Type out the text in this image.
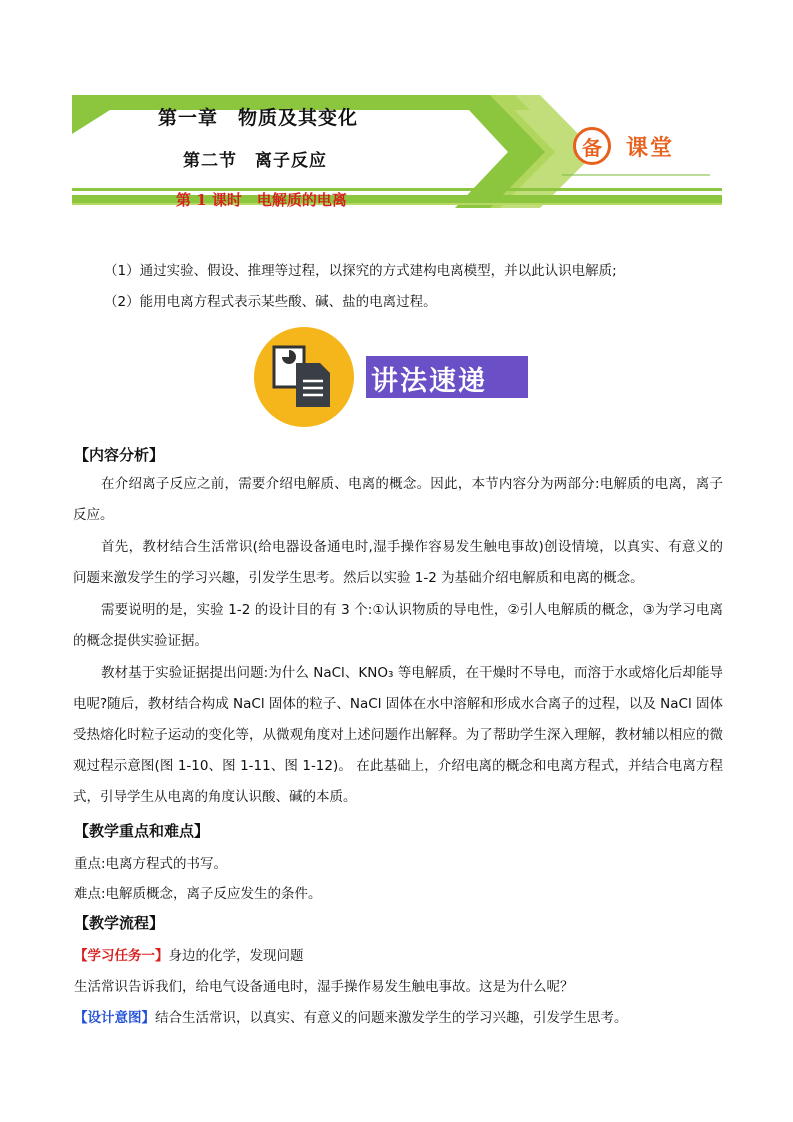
第一章　物质及其变化
第二节　离子反应
第 1 课时　电解质的电离
备	课堂
（1）通过实验、假设、推理等过程，以探究的方式建构电离模型，并以此认识电解质;
（2）能用电离方程式表示某些酸、碱、盐的电离过程。
讲法速递
【内容分析】
在介绍离子反应之前，需要介绍电解质、电离的概念。因此，本节内容分为两部分:电解质的电离，离子反应。
首先，教材结合生活常识(给电器设备通电时,湿手操作容易发生触电事故)创设情境，以真实、有意义的问题来激发学生的学习兴趣，引发学生思考。然后以实验 1-2 为基础介绍电解质和电离的概念。
需要说明的是，实验 1-2 的设计目的有 3 个:①认识物质的导电性，②引人电解质的概念，③为学习电离的概念提供实验证据。
教材基于实验证据提出问题:为什么 NaCl、KNO₃ 等电解质，在干燥时不导电，而溶于水或熔化后却能导电呢?随后，教材结合构成 NaCl 固体的粒子、NaCl 固体在水中溶解和形成水合离子的过程，以及 NaCl 固体受热熔化时粒子运动的变化等，从微观角度对上述问题作出解释。为了帮助学生深入理解，教材辅以相应的微观过程示意图(图 1-10、图 1-11、图 1-12)。 在此基础上，介绍电离的概念和电离方程式，并结合电离方程式，引导学生从电离的角度认识酸、碱的本质。
【教学重点和难点】
重点:电离方程式的书写。
难点:电解质概念，离子反应发生的条件。
【教学流程】
【学习任务一】身边的化学，发现问题
生活常识告诉我们，给电气设备通电时，湿手操作易发生触电事故。这是为什么呢？
【设计意图】结合生活常识，以真实、有意义的问题来激发学生的学习兴趣，引发学生思考。
